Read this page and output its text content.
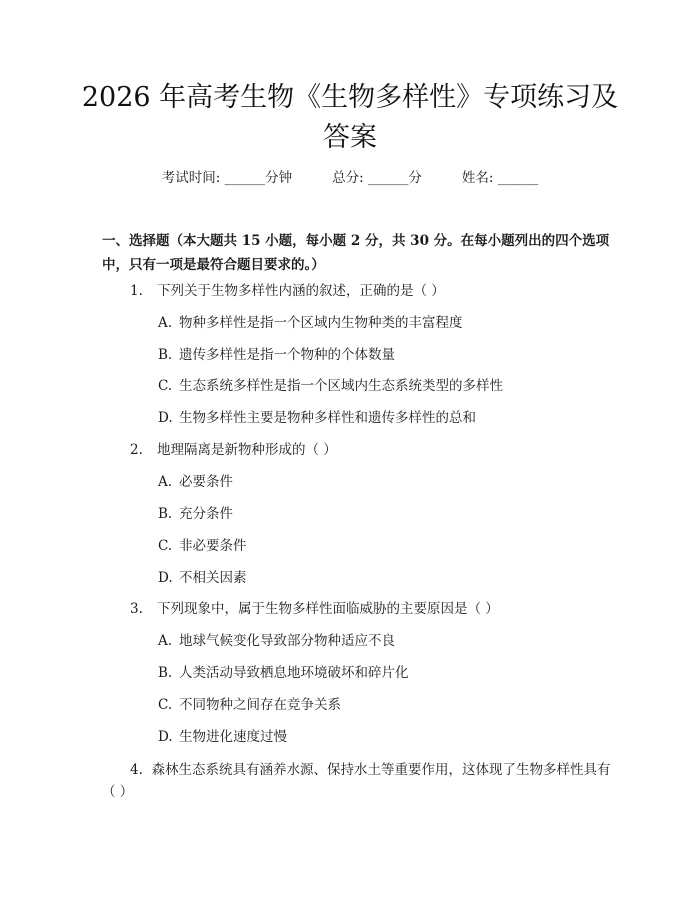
2026 年高考生物《生物多样性》专项练习及
答案
考试时间: ______分钟	总分: ______分	姓名: ______
一、选择题（本大题共 15 小题，每小题 2 分，共 30 分。在每小题列出的四个选项中，只有一项是最符合题目要求的。）
1. 下列关于生物多样性内涵的叙述，正确的是（ ）
A. 物种多样性是指一个区域内生物种类的丰富程度
B. 遗传多样性是指一个物种的个体数量
C. 生态系统多样性是指一个区域内生态系统类型的多样性
D. 生物多样性主要是物种多样性和遗传多样性的总和
2. 地理隔离是新物种形成的（ ）
A. 必要条件
B. 充分条件
C. 非必要条件
D. 不相关因素
3. 下列现象中，属于生物多样性面临威胁的主要原因是（ ）
A. 地球气候变化导致部分物种适应不良
B. 人类活动导致栖息地环境破坏和碎片化
C. 不同物种之间存在竞争关系
D. 生物进化速度过慢
4. 森林生态系统具有涵养水源、保持水土等重要作用，这体现了生物多样性具有（ ）
